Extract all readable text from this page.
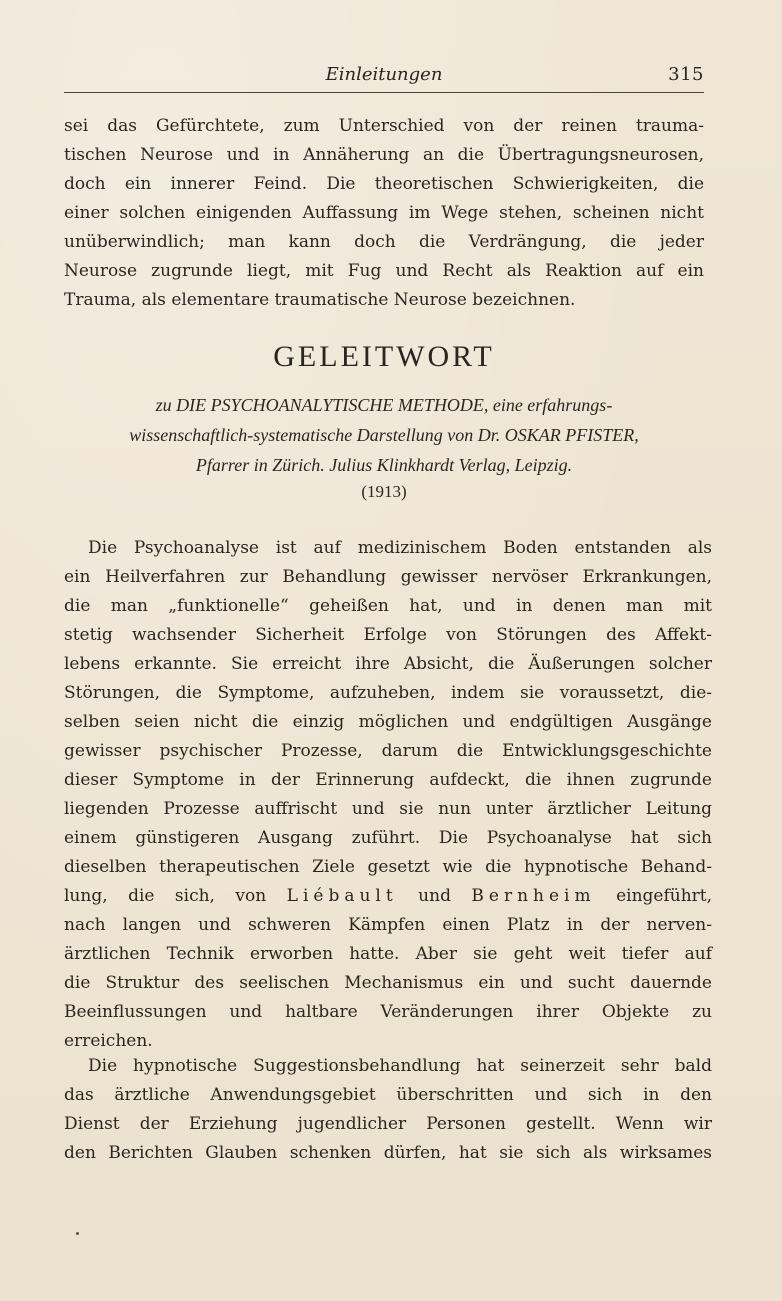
Einleitungen	315

sei das Gefürchtete, zum Unterschied von der reinen trauma-
tischen Neurose und in Annäherung an die Übertragungsneurosen,
doch ein innerer Feind. Die theoretischen Schwierigkeiten, die
einer solchen einigenden Auffassung im Wege stehen, scheinen nicht
unüberwindlich; man kann doch die Verdrängung, die jeder
Neurose zugrunde liegt, mit Fug und Recht als Reaktion auf ein
Trauma, als elementare traumatische Neurose bezeichnen.

GELEITWORT
zu DIE PSYCHOANALYTISCHE METHODE, eine erfahrungs-
wissenschaftlich-systematische Darstellung von Dr. OSKAR PFISTER,
Pfarrer in Zürich. Julius Klinkhardt Verlag, Leipzig.
(1913)

Die Psychoanalyse ist auf medizinischem Boden entstanden als
ein Heilverfahren zur Behandlung gewisser nervöser Erkrankungen,
die man „funktionelle“ geheißen hat, und in denen man mit
stetig wachsender Sicherheit Erfolge von Störungen des Affekt-
lebens erkannte. Sie erreicht ihre Absicht, die Äußerungen solcher
Störungen, die Symptome, aufzuheben, indem sie voraussetzt, die-
selben seien nicht die einzig möglichen und endgültigen Ausgänge
gewisser psychischer Prozesse, darum die Entwicklungsgeschichte
dieser Symptome in der Erinnerung aufdeckt, die ihnen zugrunde
liegenden Prozesse auffrischt und sie nun unter ärztlicher Leitung
einem günstigeren Ausgang zuführt. Die Psychoanalyse hat sich
dieselben therapeutischen Ziele gesetzt wie die hypnotische Behand-
lung, die sich, von Liébault und Bernheim eingeführt,
nach langen und schweren Kämpfen einen Platz in der nerven-
ärztlichen Technik erworben hatte. Aber sie geht weit tiefer auf
die Struktur des seelischen Mechanismus ein und sucht dauernde
Beeinflussungen und haltbare Veränderungen ihrer Objekte zu
erreichen.

Die hypnotische Suggestionsbehandlung hat seinerzeit sehr bald
das ärztliche Anwendungsgebiet überschritten und sich in den
Dienst der Erziehung jugendlicher Personen gestellt. Wenn wir
den Berichten Glauben schenken dürfen, hat sie sich als wirksames
